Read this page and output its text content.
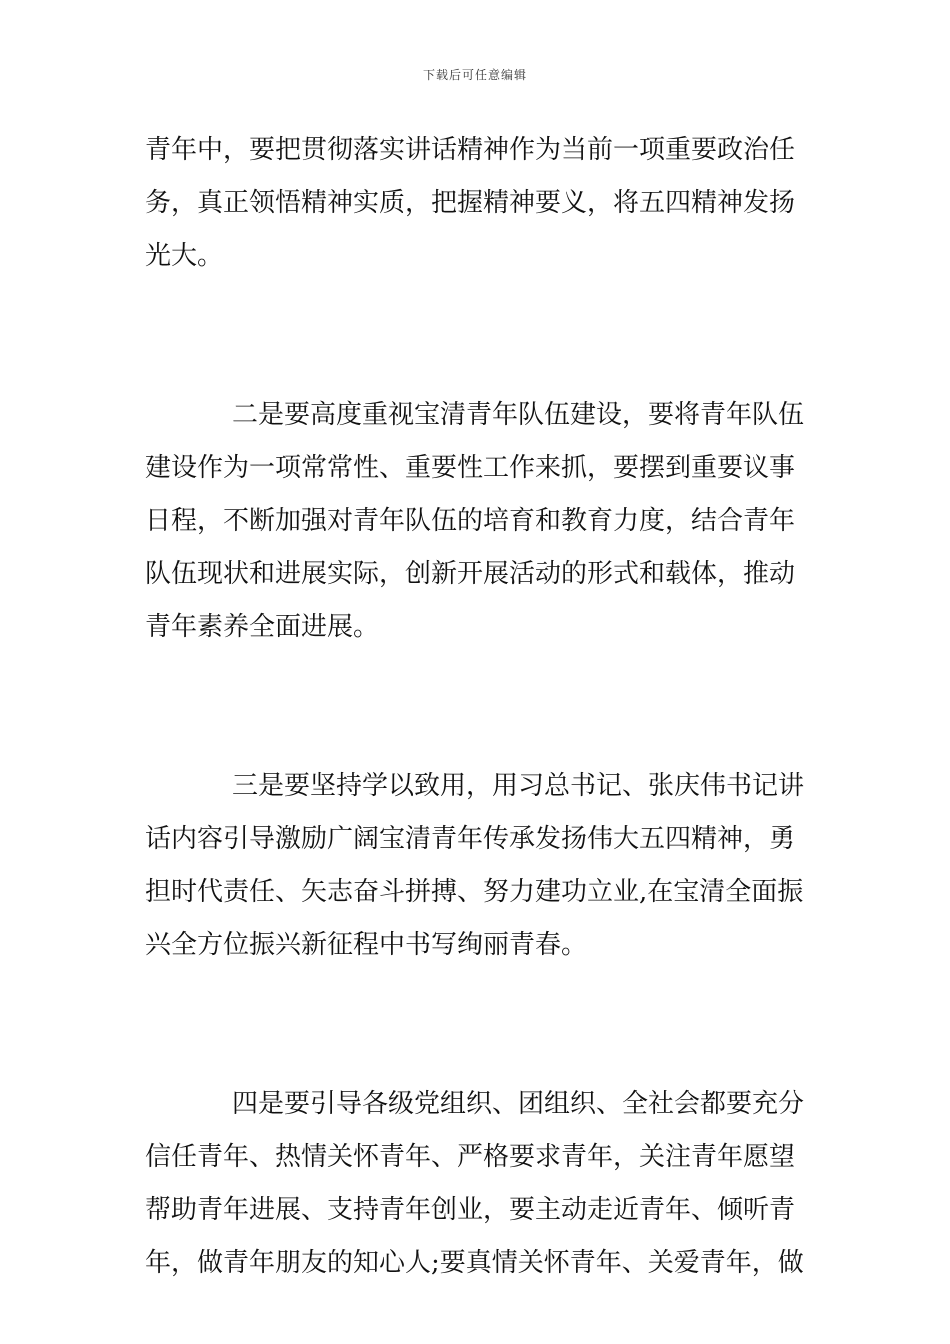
下载后可任意编辑
青年中，要把贯彻落实讲话精神作为当前一项重要政治任
务，真正领悟精神实质，把握精神要义，将五四精神发扬
光大。
二是要高度重视宝清青年队伍建设，要将青年队伍
建设作为一项常常性、重要性工作来抓，要摆到重要议事
日程，不断加强对青年队伍的培育和教育力度，结合青年
队伍现状和进展实际，创新开展活动的形式和载体，推动
青年素养全面进展。
三是要坚持学以致用，用习总书记、张庆伟书记讲
话内容引导激励广阔宝清青年传承发扬伟大五四精神，勇
担时代责任、矢志奋斗拼搏、努力建功立业,在宝清全面振
兴全方位振兴新征程中书写绚丽青春。
四是要引导各级党组织、团组织、全社会都要充分
信任青年、热情关怀青年、严格要求青年，关注青年愿望
帮助青年进展、支持青年创业，要主动走近青年、倾听青
年，做青年朋友的知心人;要真情关怀青年、关爱青年，做
